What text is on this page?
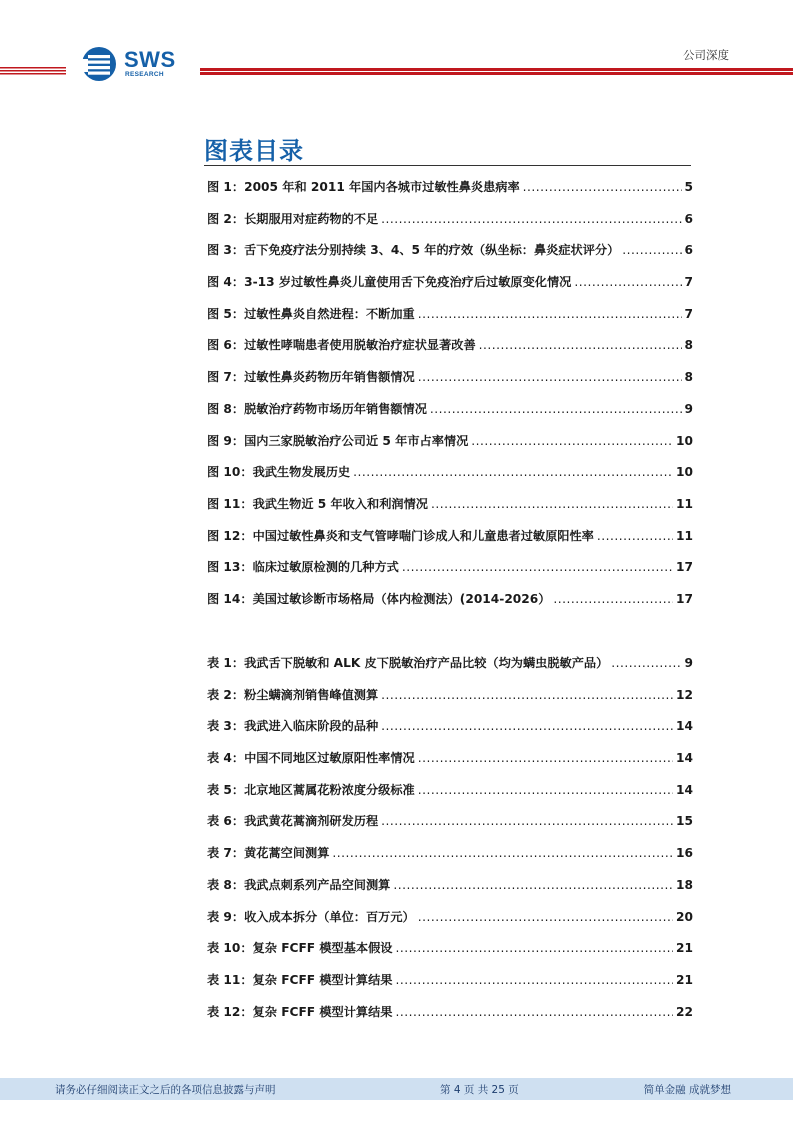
SWS
RESEARCH
公司深度
图表目录
图 1：2005 年和 2011 年国内各城市过敏性鼻炎患病率 .....	5
图 2：长期服用对症药物的不足 .....	6
图 3：舌下免疫疗法分别持续 3、4、5 年的疗效（纵坐标：鼻炎症状评分） .....	6
图 4：3-13 岁过敏性鼻炎儿童使用舌下免疫治疗后过敏原变化情况 .....	7
图 5：过敏性鼻炎自然进程：不断加重 .....	7
图 6：过敏性哮喘患者使用脱敏治疗症状显著改善 .....	8
图 7：过敏性鼻炎药物历年销售额情况 .....	8
图 8：脱敏治疗药物市场历年销售额情况 .....	9
图 9：国内三家脱敏治疗公司近 5 年市占率情况 .....	10
图 10：我武生物发展历史 .....	10
图 11：我武生物近 5 年收入和利润情况 .....	11
图 12：中国过敏性鼻炎和支气管哮喘门诊成人和儿童患者过敏原阳性率 .....	11
图 13：临床过敏原检测的几种方式 .....	17
图 14：美国过敏诊断市场格局（体内检测法）(2014-2026） .....	17
表 1：我武舌下脱敏和 ALK 皮下脱敏治疗产品比较（均为螨虫脱敏产品） .....	9
表 2：粉尘螨滴剂销售峰值测算 .....	12
表 3：我武进入临床阶段的品种 .....	14
表 4：中国不同地区过敏原阳性率情况 .....	14
表 5：北京地区蒿属花粉浓度分级标准 .....	14
表 6：我武黄花蒿滴剂研发历程 .....	15
表 7：黄花蒿空间测算 .....	16
表 8：我武点刺系列产品空间测算 .....	18
表 9：收入成本拆分（单位：百万元） .....	20
表 10：复杂 FCFF 模型基本假设 .....	21
表 11：复杂 FCFF 模型计算结果 .....	21
表 12：复杂 FCFF 模型计算结果 .....	22
请务必仔细阅读正文之后的各项信息披露与声明	第 4 页 共 25 页	简单金融 成就梦想
